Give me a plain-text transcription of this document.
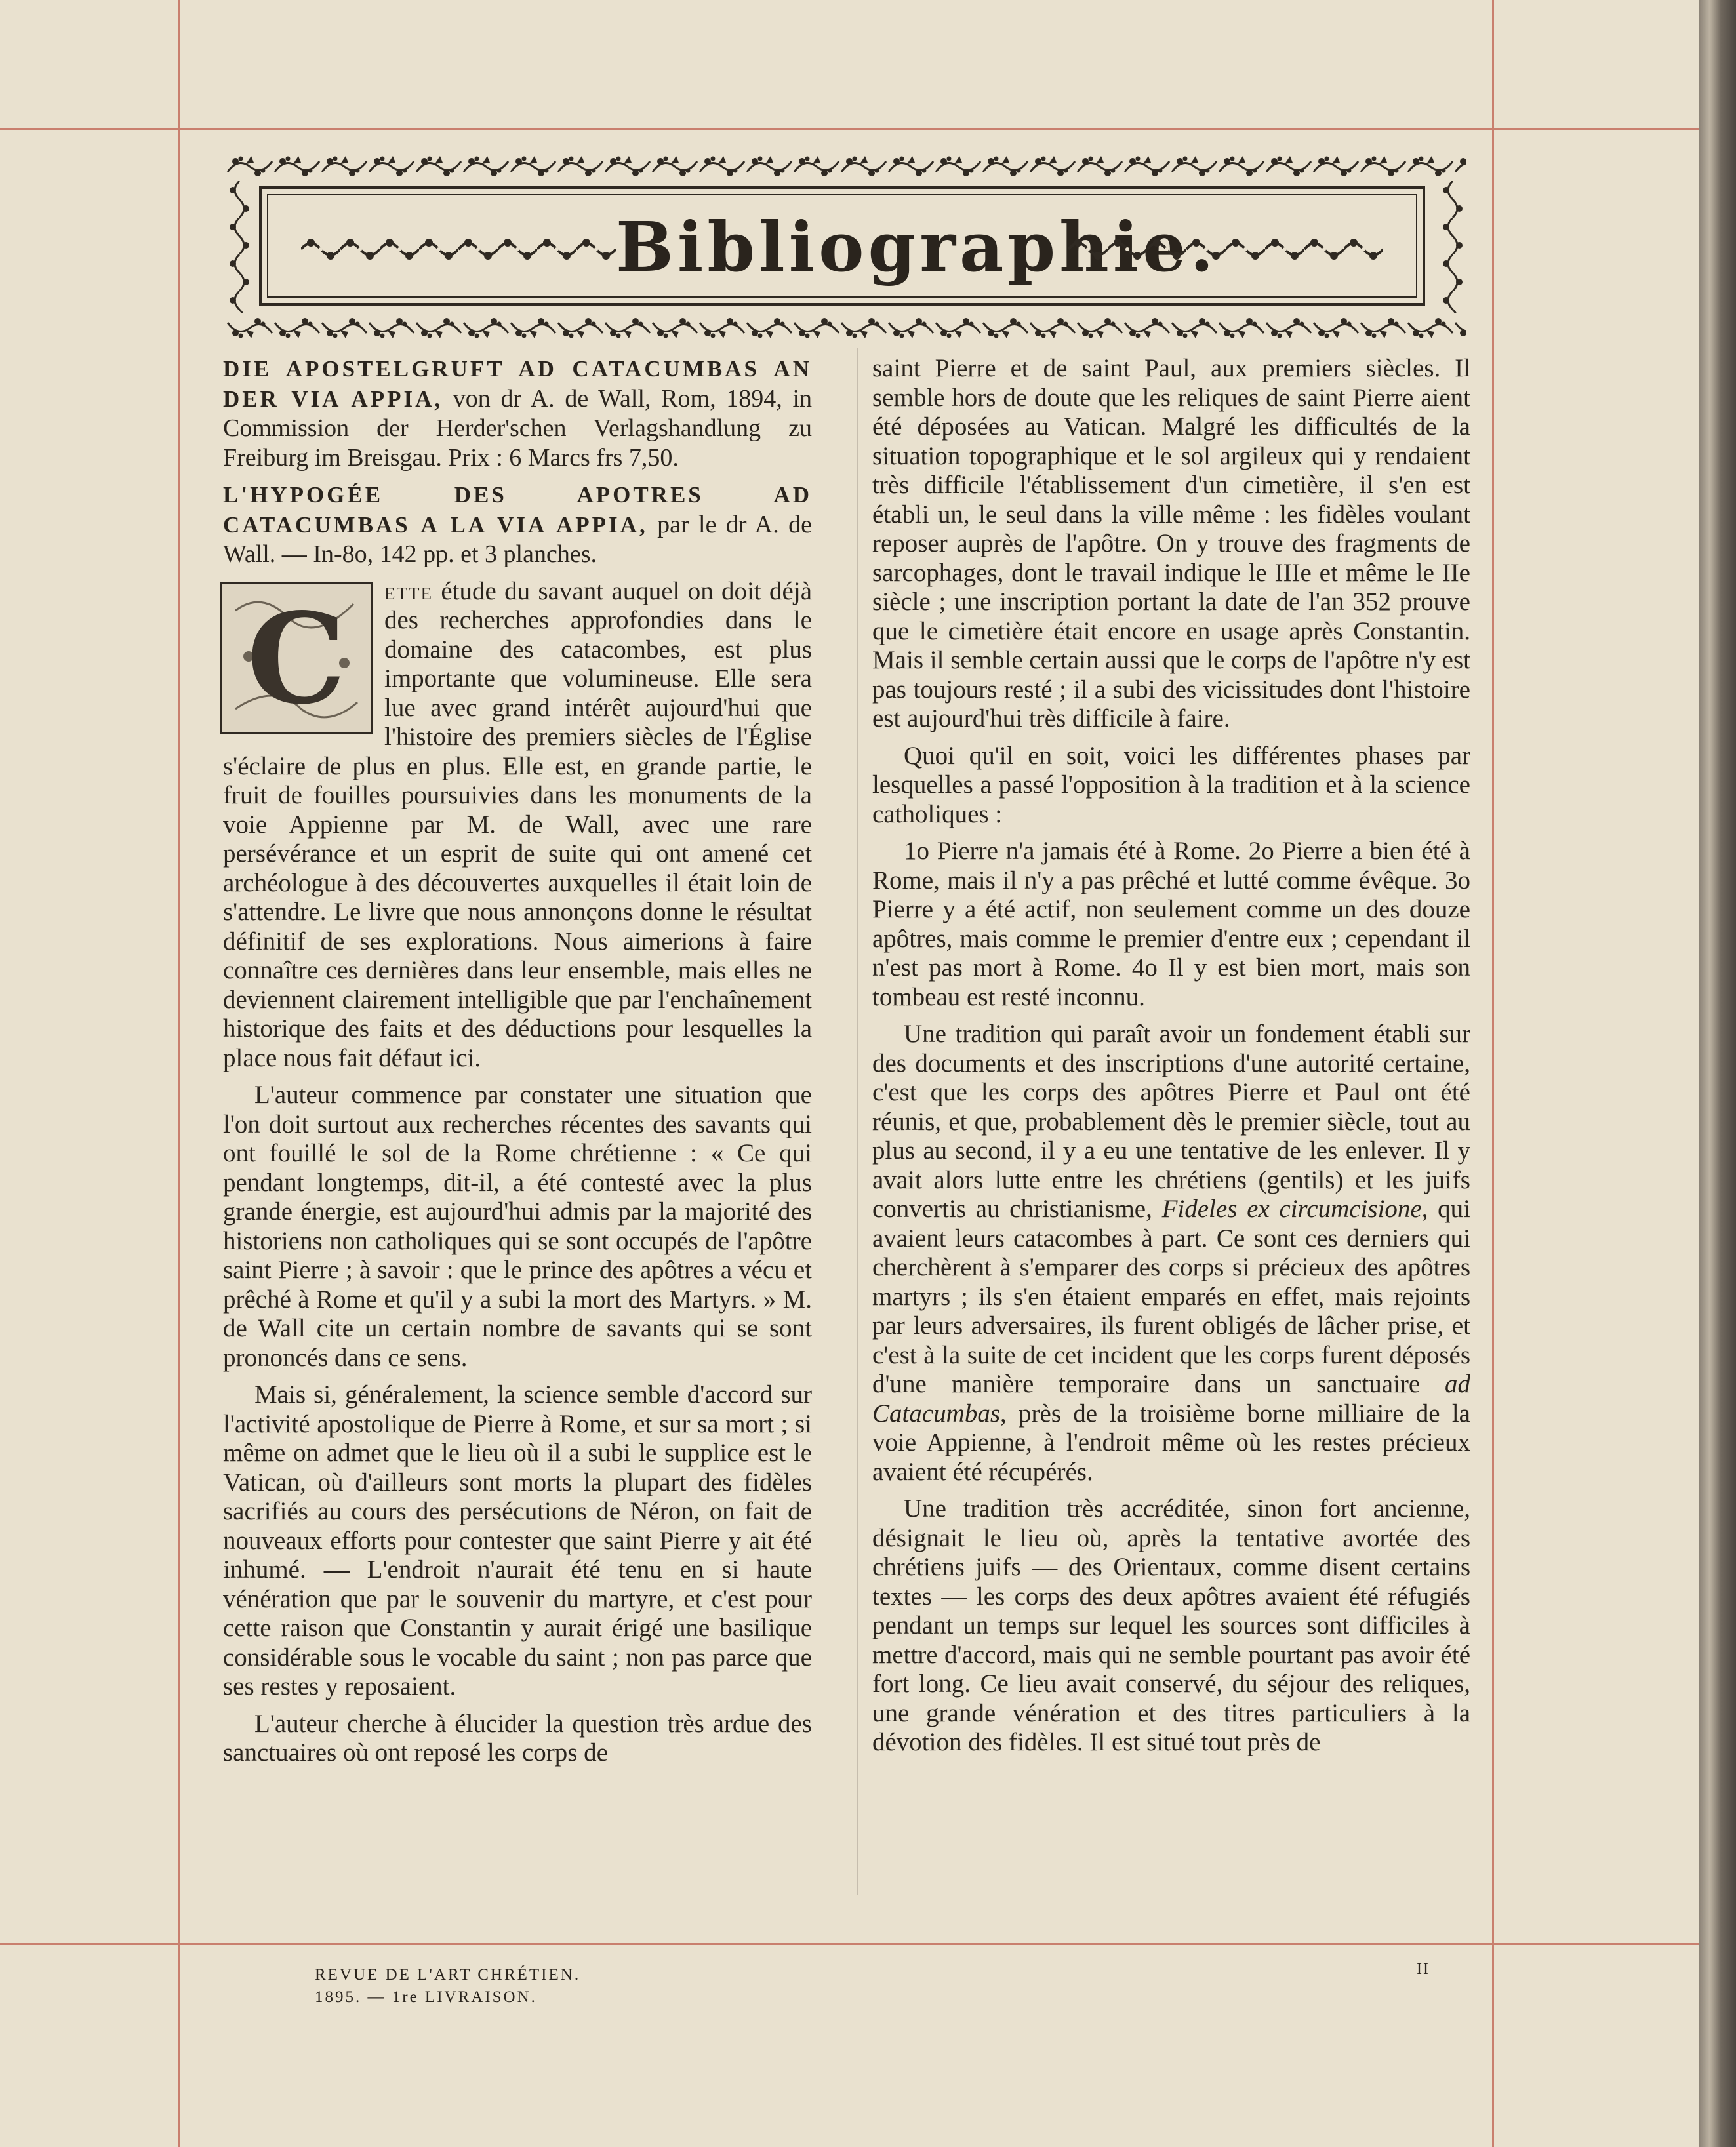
Bibliographie.

DIE APOSTELGRUFT AD CATACUMBAS AN DER VIA APPIA, von dr A. de Wall, Rom, 1894, in Commission der Herder'schen Verlagshandlung zu Freiburg im Breisgau. Prix : 6 Marcs frs 7,50.

L'HYPOGÉE DES APOTRES AD CATACUMBAS A LA VIA APPIA, par le dr A. de Wall. — In-8o, 142 pp. et 3 planches.

C	ette étude du savant auquel on doit déjà des recherches approfondies dans le domaine des catacombes, est plus importante que volumineuse. Elle sera lue avec grand intérêt aujourd'hui que l'histoire des premiers siècles de l'Église s'éclaire de plus en plus. Elle est, en grande partie, le fruit de fouilles poursuivies dans les monuments de la voie Appienne par M. de Wall, avec une rare persévérance et un esprit de suite qui ont amené cet archéologue à des découvertes auxquelles il était loin de s'attendre. Le livre que nous annonçons donne le résultat définitif de ses explorations. Nous aimerions à faire connaître ces dernières dans leur ensemble, mais elles ne deviennent clairement intelligible que par l'enchaînement historique des faits et des déductions pour lesquelles la place nous fait défaut ici.

L'auteur commence par constater une situation que l'on doit surtout aux recherches récentes des savants qui ont fouillé le sol de la Rome chrétienne : « Ce qui pendant longtemps, dit-il, a été contesté avec la plus grande énergie, est aujourd'hui admis par la majorité des historiens non catholiques qui se sont occupés de l'apôtre saint Pierre ; à savoir : que le prince des apôtres a vécu et prêché à Rome et qu'il y a subi la mort des Martyrs. » M. de Wall cite un certain nombre de savants qui se sont prononcés dans ce sens.

Mais si, généralement, la science semble d'accord sur l'activité apostolique de Pierre à Rome, et sur sa mort ; si même on admet que le lieu où il a subi le supplice est le Vatican, où d'ailleurs sont morts la plupart des fidèles sacrifiés au cours des persécutions de Néron, on fait de nouveaux efforts pour contester que saint Pierre y ait été inhumé. — L'endroit n'aurait été tenu en si haute vénération que par le souvenir du martyre, et c'est pour cette raison que Constantin y aurait érigé une basilique considérable sous le vocable du saint ; non pas parce que ses restes y reposaient.

L'auteur cherche à élucider la question très ardue des sanctuaires où ont reposé les corps de

saint Pierre et de saint Paul, aux premiers siècles. Il semble hors de doute que les reliques de saint Pierre aient été déposées au Vatican. Malgré les difficultés de la situation topographique et le sol argileux qui y rendaient très difficile l'établissement d'un cimetière, il s'en est établi un, le seul dans la ville même : les fidèles voulant reposer auprès de l'apôtre. On y trouve des fragments de sarcophages, dont le travail indique le IIIe et même le IIe siècle ; une inscription portant la date de l'an 352 prouve que le cimetière était encore en usage après Constantin. Mais il semble certain aussi que le corps de l'apôtre n'y est pas toujours resté ; il a subi des vicissitudes dont l'histoire est aujourd'hui très difficile à faire.

Quoi qu'il en soit, voici les différentes phases par lesquelles a passé l'opposition à la tradition et à la science catholiques :

1o Pierre n'a jamais été à Rome. 2o Pierre a bien été à Rome, mais il n'y a pas prêché et lutté comme évêque. 3o Pierre y a été actif, non seulement comme un des douze apôtres, mais comme le premier d'entre eux ; cependant il n'est pas mort à Rome. 4o Il y est bien mort, mais son tombeau est resté inconnu.

Une tradition qui paraît avoir un fondement établi sur des documents et des inscriptions d'une autorité certaine, c'est que les corps des apôtres Pierre et Paul ont été réunis, et que, probablement dès le premier siècle, tout au plus au second, il y a eu une tentative de les enlever. Il y avait alors lutte entre les chrétiens (gentils) et les juifs convertis au christianisme, Fideles ex circumcisione, qui avaient leurs catacombes à part. Ce sont ces derniers qui cherchèrent à s'emparer des corps si précieux des apôtres martyrs ; ils s'en étaient emparés en effet, mais rejoints par leurs adversaires, ils furent obligés de lâcher prise, et c'est à la suite de cet incident que les corps furent déposés d'une manière temporaire dans un sanctuaire ad Catacumbas, près de la troisième borne milliaire de la voie Appienne, à l'endroit même où les restes précieux avaient été récupérés.

Une tradition très accréditée, sinon fort ancienne, désignait le lieu où, après la tentative avortée des chrétiens juifs — des Orientaux, comme disent certains textes — les corps des deux apôtres avaient été réfugiés pendant un temps sur lequel les sources sont difficiles à mettre d'accord, mais qui ne semble pourtant pas avoir été fort long. Ce lieu avait conservé, du séjour des reliques, une grande vénération et des titres particuliers à la dévotion des fidèles. Il est situé tout près de

REVUE DE L'ART CHRÉTIEN.
1895. — 1re LIVRAISON.
II
